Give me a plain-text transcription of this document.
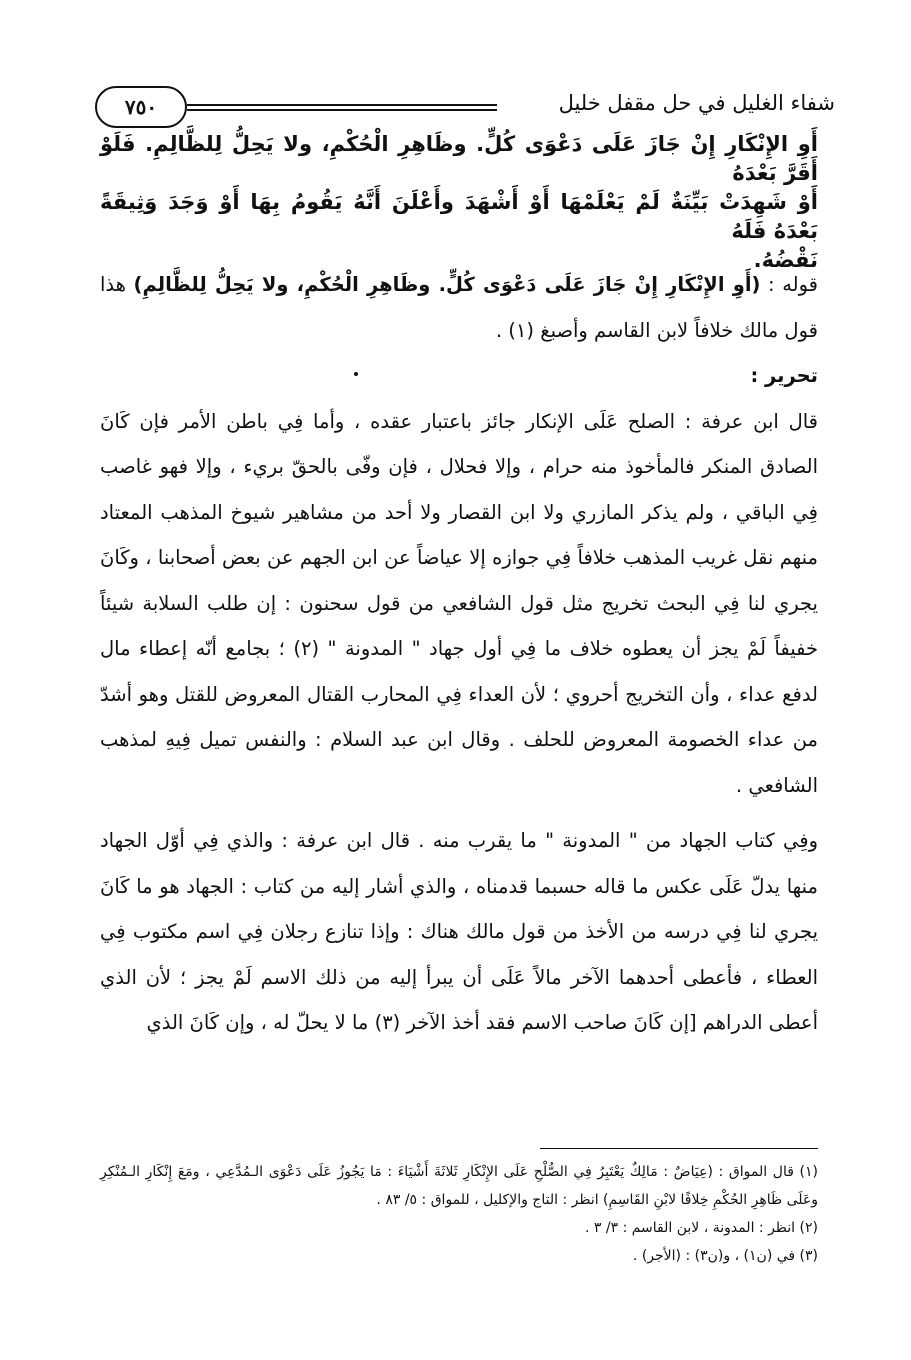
٧٥٠	شفاء الغليل في حل مقفل خليل
أَوِ الإِنْكَارِ إِنْ جَازَ عَلَى دَعْوَى كُلٍّ. وظَاهِرِ الْحُكْمِ، ولا يَحِلُّ لِلظَّالِمِ. فَلَوْ أَقَرَّ بَعْدَهُ
أَوْ شَهِدَتْ بَيِّنَةٌ لَمْ يَعْلَمْهَا أَوْ أَشْهَدَ وأَعْلَنَ أَنَّهُ يَقُومُ بِهَا أَوْ وَجَدَ وَثِيقَةً بَعْدَهُ فَلَهُ
نَقْضُهُ.

قوله : (أَوِ الإِنْكَارِ إِنْ جَازَ عَلَى دَعْوَى كُلٍّ. وظَاهِرِ الْحُكْمِ، ولا يَحِلُّ لِلظَّالِمِ) هذا قول مالك خلافاً لابن القاسم وأصبغ (١) .

تحرير :

قال ابن عرفة : الصلح عَلَى الإنكار جائز باعتبار عقده ، وأما فِي باطن الأمر فإن كَانَ الصادق المنكر فالمأخوذ منه حرام ، وإلا فحلال ، فإن وفّى بالحقّ بريء ، وإلا فهو غاصب فِي الباقي ، ولم يذكر المازري ولا ابن القصار ولا أحد من مشاهير شيوخ المذهب المعتاد منهم نقل غريب المذهب خلافاً فِي جوازه إلا عياضاً عن ابن الجهم عن بعض أصحابنا ، وكَانَ يجري لنا فِي البحث تخريج مثل قول الشافعي من قول سحنون : إن طلب السلابة شيئاً خفيفاً لَمْ يجز أن يعطوه خلاف ما فِي أول جهاد " المدونة " (٢) ؛ بجامع أنّه إعطاء مال لدفع عداء ، وأن التخريج أحروي ؛ لأن العداء فِي المحارب القتال المعروض للقتل وهو أشدّ من عداء الخصومة المعروض للحلف . وقال ابن عبد السلام : والنفس تميل فِيهِ لمذهب الشافعي .

وفِي كتاب الجهاد من " المدونة " ما يقرب منه . قال ابن عرفة : والذي فِي أوّل الجهاد منها يدلّ عَلَى عكس ما قاله حسبما قدمناه ، والذي أشار إليه من كتاب : الجهاد هو ما كَانَ يجري لنا فِي درسه من الأخذ من قول مالك هناك : وإذا تنازع رجلان فِي اسم مكتوب فِي العطاء ، فأعطى أحدهما الآخر مالاً عَلَى أن يبرأ إليه من ذلك الاسم لَمْ يجز ؛ لأن الذي أعطى الدراهم [إن كَانَ صاحب الاسم فقد أخذ الآخر (٣) ما لا يحلّ له ، وإن كَانَ الذي

(١) قال المواق : (عِيَاضٌ : مَالِكٌ يَعْتَبِرُ فِي الصُّلْحِ عَلَى الإِنْكَارِ ثَلاثَةَ أَشْيَاءَ : مَا يَجُوزُ عَلَى دَعْوَى الـمُدَّعِي ، ومَعَ إِنْكَارِ الـمُنْكِرِ وعَلَى ظَاهِرِ الحُكْمِ خِلافًا لابْنِ القَاسِمِ) انظر : التاج والإكليل ، للمواق : ٥/ ٨٣ .

(٢) انظر : المدونة ، لابن القاسم : ٣/ ٣ .

(٣) في (ن١) ، و(ن٣) : (الأجر) .
